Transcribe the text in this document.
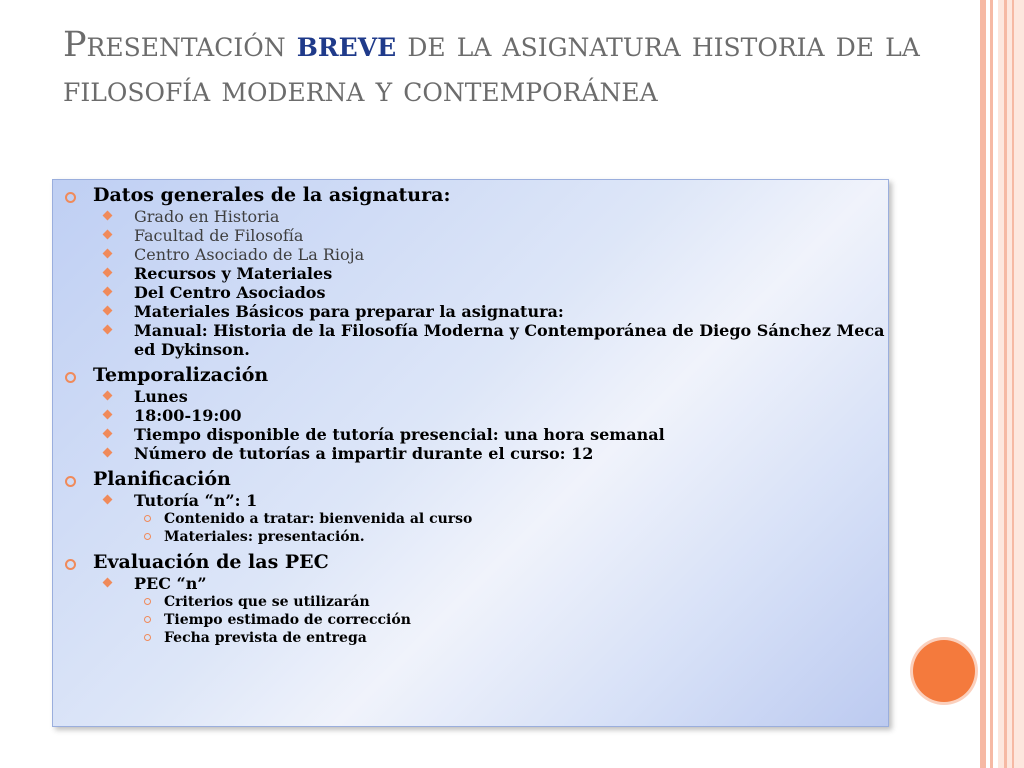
Presentación breve de la asignatura historia de la filosofía moderna y contemporánea
Datos generales de la asignatura:
Grado en Historia
Facultad de Filosofía
Centro Asociado de La Rioja
Recursos y Materiales
Del Centro Asociados
Materiales Básicos para preparar la asignatura:
Manual: Historia de la Filosofía Moderna y Contemporánea de Diego Sánchez Meca ed Dykinson.
Temporalización
Lunes
18:00-19:00
Tiempo disponible de tutoría presencial: una hora semanal
Número de tutorías a impartir durante el curso: 12
Planificación
Tutoría “n”: 1
Contenido a tratar: bienvenida al curso
Materiales: presentación.
Evaluación de las PEC
PEC “n”
Criterios que se utilizarán
Tiempo estimado de corrección
Fecha prevista de entrega
